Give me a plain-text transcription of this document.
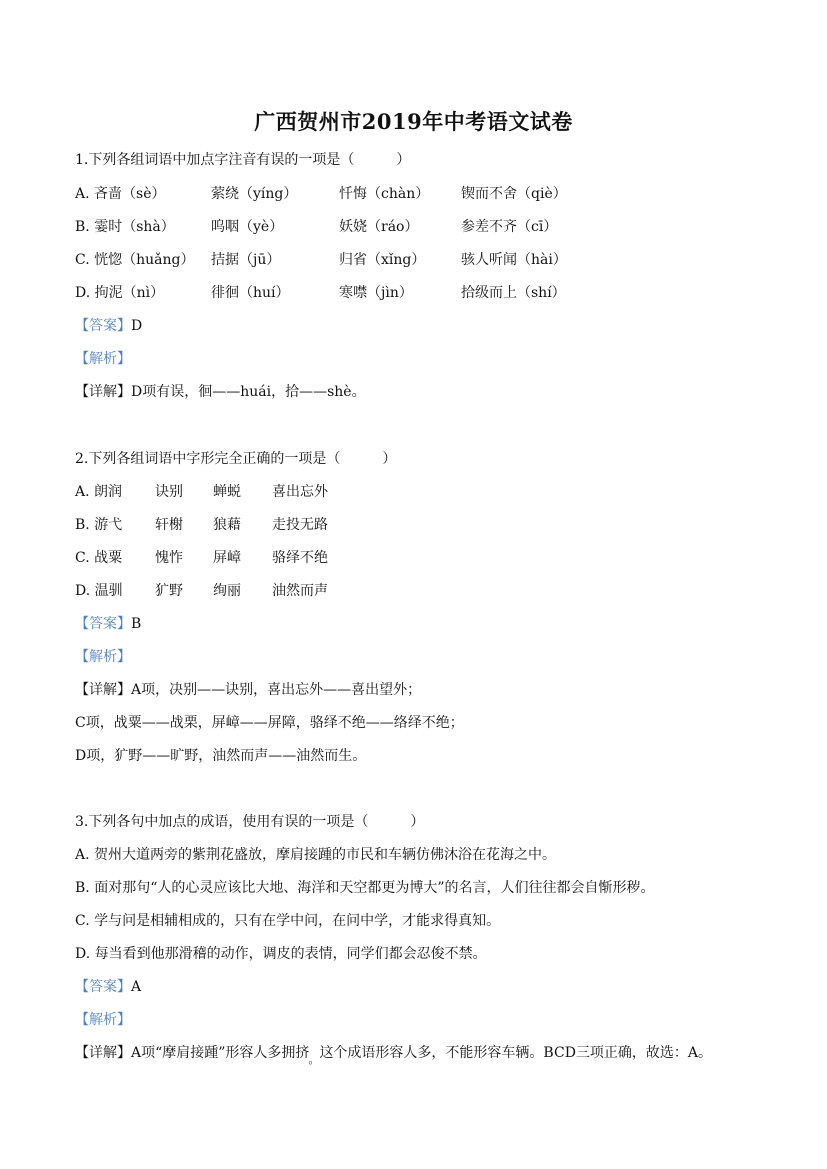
广西贺州市2019年中考语文试卷
1.下列各组词语中加点字注音有误的一项是（　　　）
A. 吝啬（sè）	萦绕（yíng）	忏悔（chàn） 锲而不舍（qiè）
B. 霎时（shà）	呜咽（yè）	妖娆（ráo）	参差不齐（cī）
C. 恍惚（huǎng） 拮据（jū）	归省（xǐng）	骇人听闻（hài）
D. 拘泥（nì）	徘徊（huí）	寒噤（jìn）	拾级而上（shí）
【答案】D
【解析】
【详解】D项有误，徊——huái，拾——shè。
2.下列各组词语中字形完全正确的一项是（　　　）
A. 朗润 诀别 蝉蜕 喜出忘外
B. 游弋 轩榭 狼藉 走投无路
C. 战粟 愧怍 屏嶂 骆绎不绝
D. 温驯 犷野 绚丽 油然而声
【答案】B
【解析】
【详解】A项，决别——诀别，喜出忘外——喜出望外；
C项，战粟——战栗，屏嶂——屏障，骆绎不绝——络绎不绝；
D项，犷野——旷野，油然而声——油然而生。
3.下列各句中加点的成语，使用有误的一项是（　　　）
A. 贺州大道两旁的紫荆花盛放，摩肩接踵的市民和车辆仿佛沐浴在花海之中。
B. 面对那句“人的心灵应该比大地、海洋和天空都更为博大”的名言，人们往往都会自惭形秽。
C. 学与问是相辅相成的，只有在学中问，在问中学，才能求得真知。
D. 每当看到他那滑稽的动作，调皮的表情，同学们都会忍俊不禁。
【答案】A
【解析】
【详解】A项“摩肩接踵”形容人多拥挤。这个成语形容人多，不能形容车辆。BCD三项正确，故选：A。
